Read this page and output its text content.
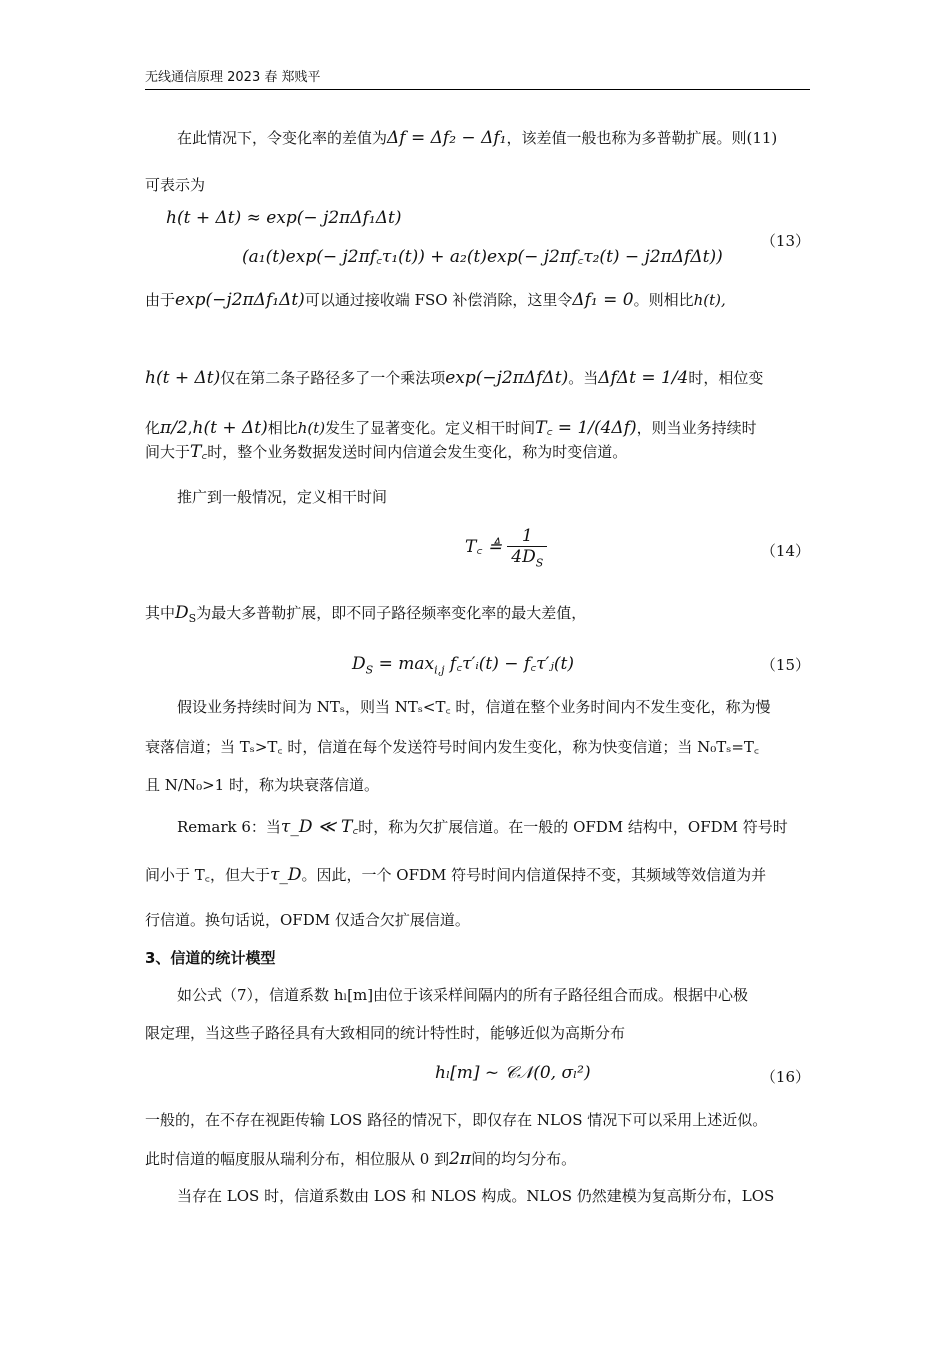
无线通信原理 2023 春 郑贱平
在此情况下，令变化率的差值为Δf = Δf₂ − Δf₁，该差值一般也称为多普勒扩展。则(11)
可表示为
h(t + Δt) ≈ exp(− j2πΔf₁Δt)
(a₁(t)exp(− j2πf꜀τ₁(t)) + a₂(t)exp(− j2πf꜀τ₂(t) − j2πΔfΔt))
（13）
由于exp(−j2πΔf₁Δt)可以通过接收端 FSO 补偿消除，这里令Δf₁ = 0。则相比h(t),
h(t + Δt)仅在第二条子路径多了一个乘法项exp(−j2πΔfΔt)。当ΔfΔt = 1/4时，相位变
化π/2,h(t + Δt)相比h(t)发生了显著变化。定义相干时间T꜀ = 1/(4Δf)，则当业务持续时
间大于T꜀时，整个业务数据发送时间内信道会发生变化，称为时变信道。
推广到一般情况，定义相干时间
T꜀ ≜ $\frac{1}{4D_S}$	（14）
其中$D_S$为最大多普勒扩展，即不同子路径频率变化率的最大差值，
$D_S = \max_{i,j}$ f꜀τ′ᵢ(t) − f꜀τ′ⱼ(t)	（15）
假设业务持续时间为 NTₛ，则当 NTₛ<T꜀ 时，信道在整个业务时间内不发生变化，称为慢
衰落信道；当 Tₛ>T꜀ 时，信道在每个发送符号时间内发生变化，称为快变信道；当 N₀Tₛ=T꜀
且 N/N₀>1 时，称为块衰落信道。
Remark 6：当τ_D ≪ T꜀时，称为欠扩展信道。在一般的 OFDM 结构中，OFDM 符号时
间小于 T꜀，但大于τ_D。因此，一个 OFDM 符号时间内信道保持不变，其频域等效信道为并
行信道。换句话说，OFDM 仅适合欠扩展信道。
3、信道的统计模型
如公式（7），信道系数 hₗ[m]由位于该采样间隔内的所有子路径组合而成。根据中心极
限定理，当这些子路径具有大致相同的统计特性时，能够近似为高斯分布
hₗ[m] ~ 𝒞𝒩(0, σₗ²)	（16）
一般的，在不存在视距传输 LOS 路径的情况下，即仅存在 NLOS 情况下可以采用上述近似。
此时信道的幅度服从瑞利分布，相位服从 0 到2π间的均匀分布。
当存在 LOS 时，信道系数由 LOS 和 NLOS 构成。NLOS 仍然建模为复高斯分布，LOS
